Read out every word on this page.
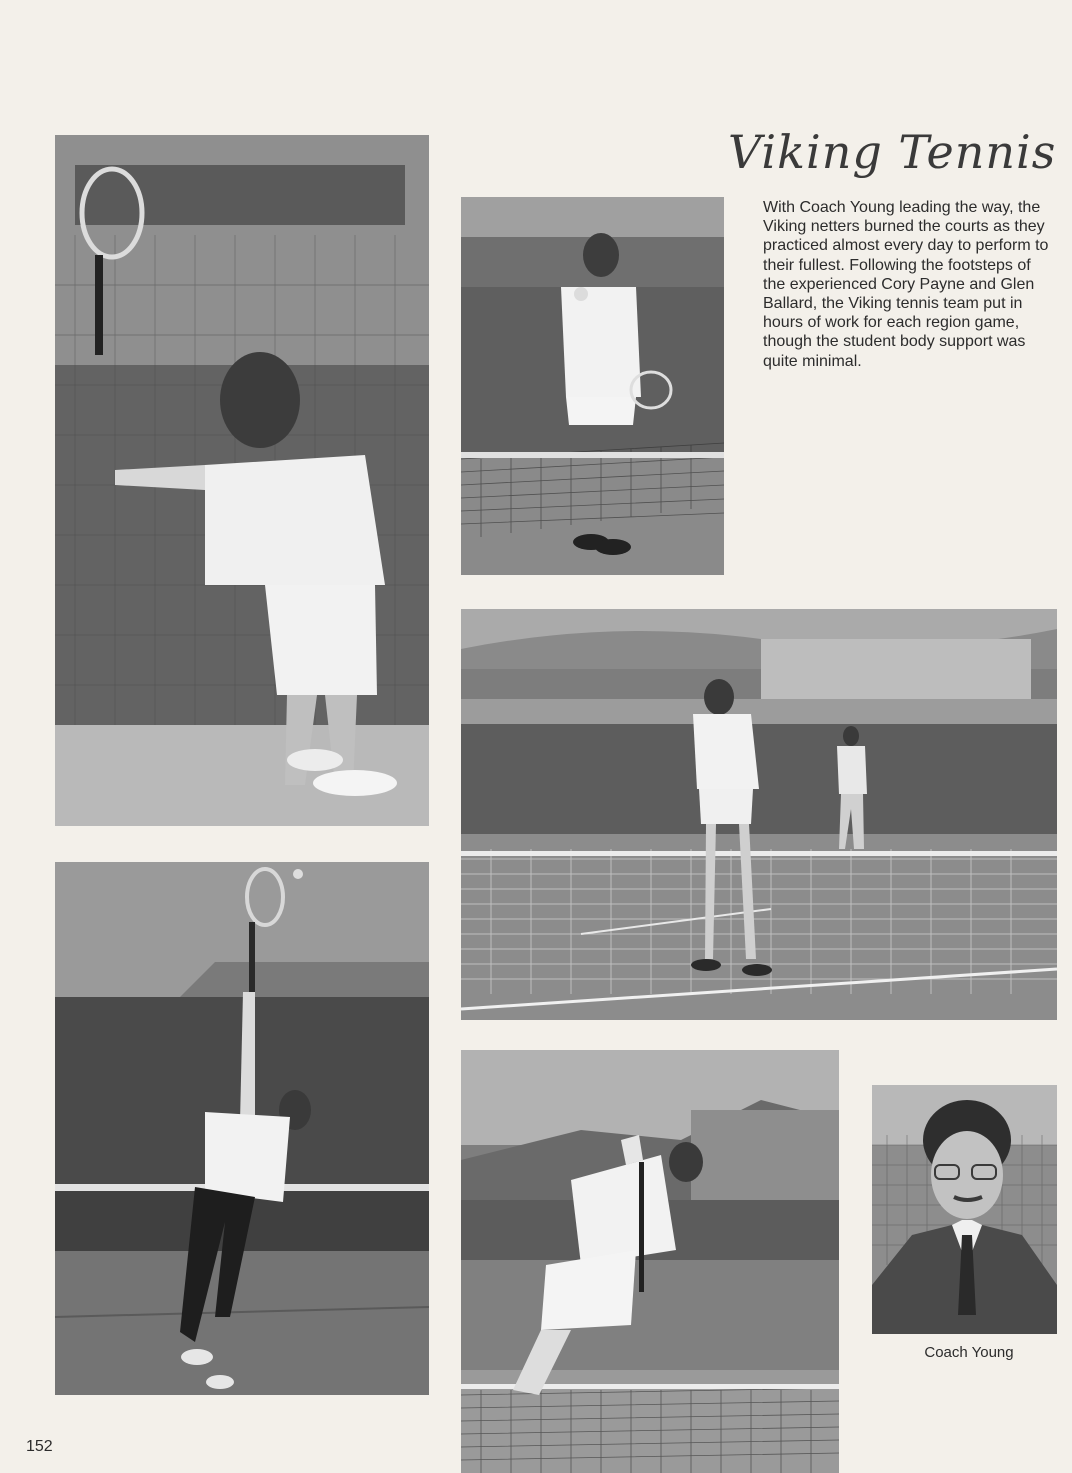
Viking Tennis
With Coach Young leading the way, the Viking netters burned the courts as they practiced almost every day to perform to their fullest. Following the footsteps of the experienced Cory Payne and Glen Ballard, the Viking tennis team put in hours of work for each region game, though the student body support was quite minimal.
Coach Young
152
